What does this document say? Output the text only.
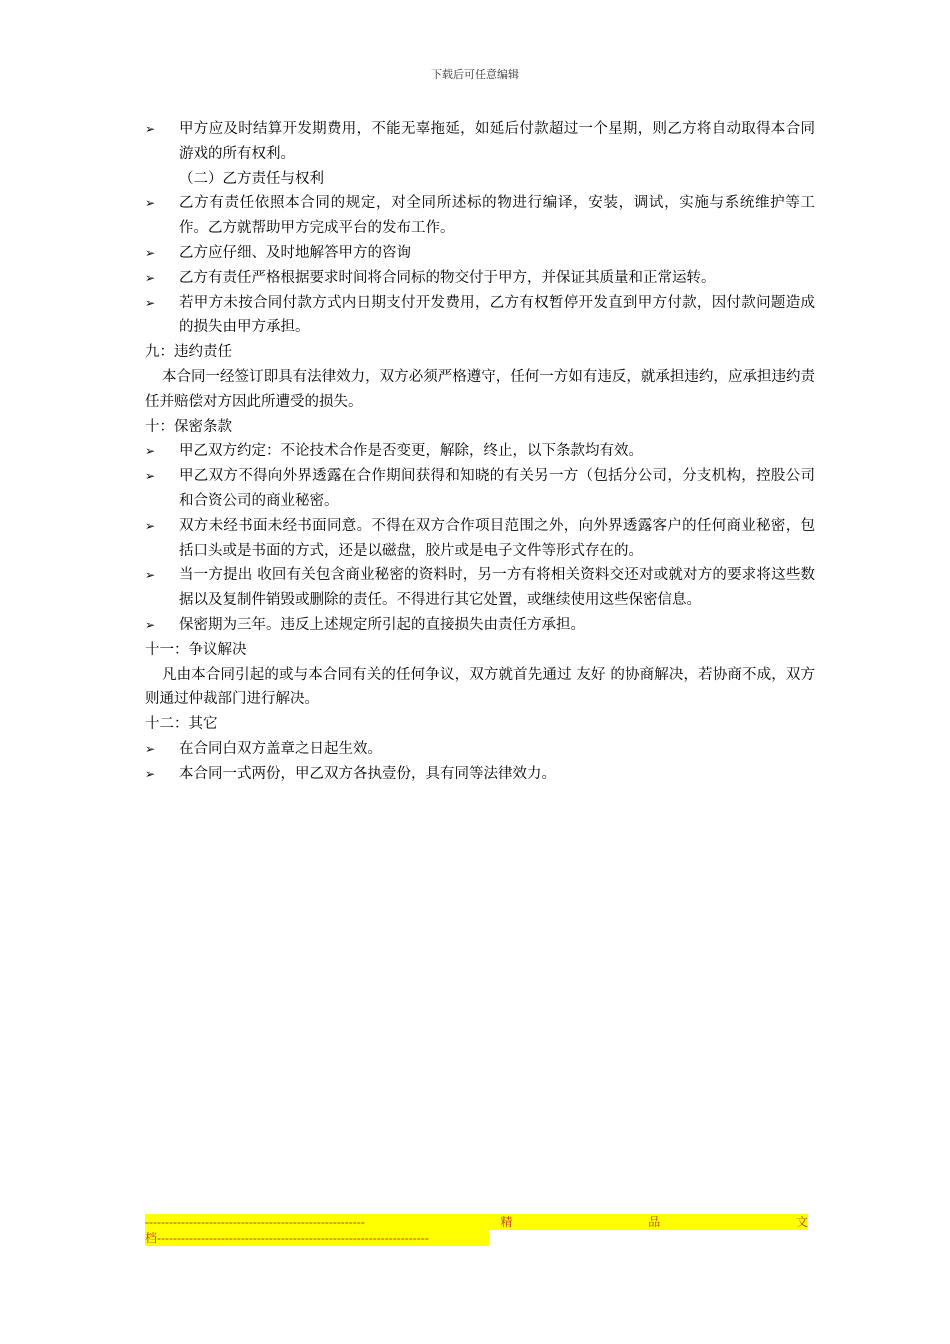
下载后可任意编辑
➢ 甲方应及时结算开发期费用，不能无辜拖延，如延后付款超过一个星期，则乙方将自动取得本合同游戏的所有权利。
（二）乙方责任与权利
➢ 乙方有责任依照本合同的规定，对全同所述标的物进行编译，安装，调试，实施与系统维护等工作。乙方就帮助甲方完成平台的发布工作。
➢ 乙方应仔细、及时地解答甲方的咨询
➢ 乙方有责任严格根据要求时间将合同标的物交付于甲方，并保证其质量和正常运转。
➢ 若甲方未按合同付款方式内日期支付开发费用，乙方有权暂停开发直到甲方付款，因付款问题造成的损失由甲方承担。
九：违约责任
本合同一经签订即具有法律效力，双方必须严格遵守，任何一方如有违反，就承担违约，应承担违约责任并赔偿对方因此所遭受的损失。
十：保密条款
➢ 甲乙双方约定：不论技术合作是否变更，解除，终止，以下条款均有效。
➢ 甲乙双方不得向外界透露在合作期间获得和知晓的有关另一方（包括分公司，分支机构，控股公司和合资公司的商业秘密。
➢ 双方未经书面未经书面同意。不得在双方合作项目范围之外，向外界透露客户的任何商业秘密，包括口头或是书面的方式，还是以磁盘，胶片或是电子文件等形式存在的。
➢ 当一方提出 收回有关包含商业秘密的资料时，另一方有将相关资料交还对或就对方的要求将这些数据以及复制件销毁或删除的责任。不得进行其它处置，或继续使用这些保密信息。
➢ 保密期为三年。违反上述规定所引起的直接损失由责任方承担。
十一：争议解决
凡由本合同引起的或与本合同有关的任何争议，双方就首先通过 友好 的协商解决，若协商不成，双方则通过仲裁部门进行解决。
十二：其它
➢ 在合同白双方盖章之日起生效。
➢ 本合同一式两份，甲乙双方各执壹份，具有同等法律效力。
-------------------------------------------------------	精	品	文
档--------------------------------------------------------------------
